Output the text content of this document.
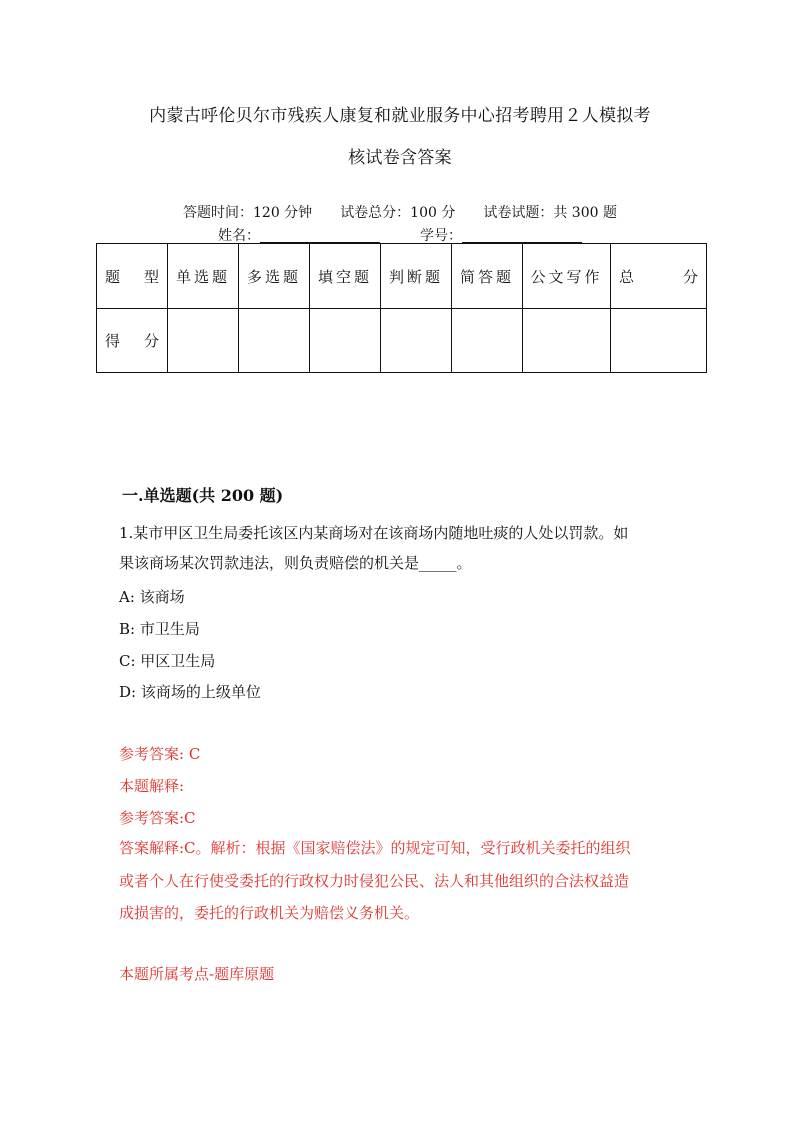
内蒙古呼伦贝尔市残疾人康复和就业服务中心招考聘用２人模拟考
核试卷含答案
答题时间：120 分钟 试卷总分：100 分 试卷试题：共 300 题
姓名：	学号：
题 型	单选题	多选题	填空题	判断题	简答题	公文写作	总 分

得 分							

一.单选题(共 200 题)
1.某市甲区卫生局委托该区内某商场对在该商场内随地吐痰的人处以罚款。如
果该商场某次罚款违法，则负责赔偿的机关是_____。
A: 该商场
B: 市卫生局
C: 甲区卫生局
D: 该商场的上级单位
参考答案: C
本题解释:
参考答案:C
答案解释:C。解析：根据《国家赔偿法》的规定可知，受行政机关委托的组织
或者个人在行使受委托的行政权力时侵犯公民、法人和其他组织的合法权益造
成损害的，委托的行政机关为赔偿义务机关。
本题所属考点-题库原题
